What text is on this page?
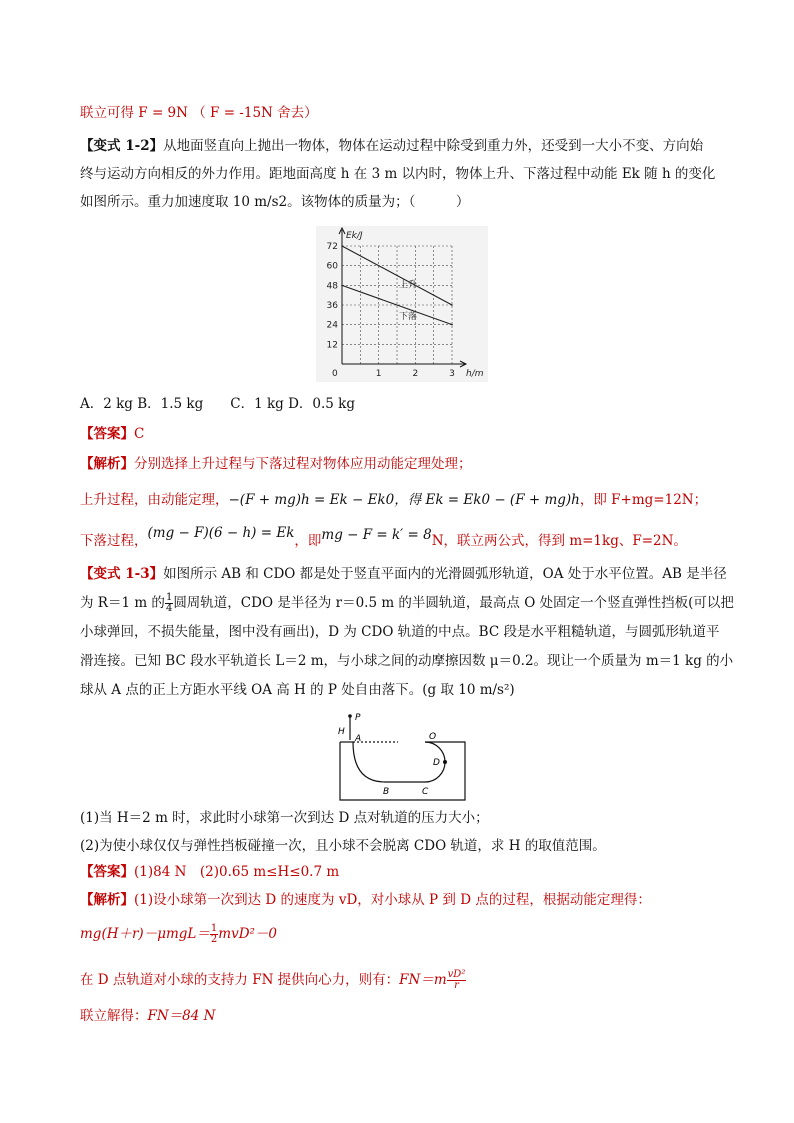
联立可得 F = 9N （ F = -15N 舍去）
【变式 1-2】从地面竖直向上抛出一物体，物体在运动过程中除受到重力外，还受到一大小不变、方向始
终与运动方向相反的外力作用。距地面高度 h 在 3 m 以内时，物体上升、下落过程中动能 Ek 随 h 的变化
如图所示。重力加速度取 10 m/s2。该物体的质量为；（　　　）
12
24
36
48
60
72
1	2	3
0
Ek/J
h/m
上升
下落
A．2 kg B．1.5 kg　　C．1 kg D．0.5 kg
【答案】C
【解析】分别选择上升过程与下落过程对物体应用动能定理处理；
上升过程，由动能定理，−(F + mg)h = Ek − Ek0，得 Ek = Ek0 − (F + mg)h，即 F+mg=12N；
下落过程，(mg − F)(6 − h) = Ek，即mg − F = k′ = 8N，联立两公式，得到 m=1kg、F=2N。
【变式 1-3】如图所示 AB 和 CDO 都是处于竖直平面内的光滑圆弧形轨道，OA 处于水平位置。AB 是半径
为 R＝1 m 的 $\frac{1}{4}$ 圆周轨道，CDO 是半径为 r＝0.5 m 的半圆轨道，最高点 O 处固定一个竖直弹性挡板(可以把
小球弹回，不损失能量，图中没有画出)，D 为 CDO 轨道的中点。BC 段是水平粗糙轨道，与圆弧形轨道平
滑连接。已知 BC 段水平轨道长 L＝2 m，与小球之间的动摩擦因数 μ＝0.2。现让一个质量为 m＝1 kg 的小
球从 A 点的正上方距水平线 OA 高 H 的 P 处自由落下。(g 取 10 m/s²)
P
H
A	O
B	C
D
(1)当 H＝2 m 时，求此时小球第一次到达 D 点对轨道的压力大小；
(2)为使小球仅仅与弹性挡板碰撞一次，且小球不会脱离 CDO 轨道，求 H 的取值范围。
【答案】(1)84 N　(2)0.65 m≤H≤0.7 m
【解析】(1)设小球第一次到达 D 的速度为 vD，对小球从 P 到 D 点的过程，根据动能定理得：
$mg(H+r)-\mu mgL= \frac{1}{2} mvD^2-0$
在 D 点轨道对小球的支持力 FN 提供向心力，则有：$FN=m \frac{\text{vD²}}{r}$
联立解得：FN＝84 N
